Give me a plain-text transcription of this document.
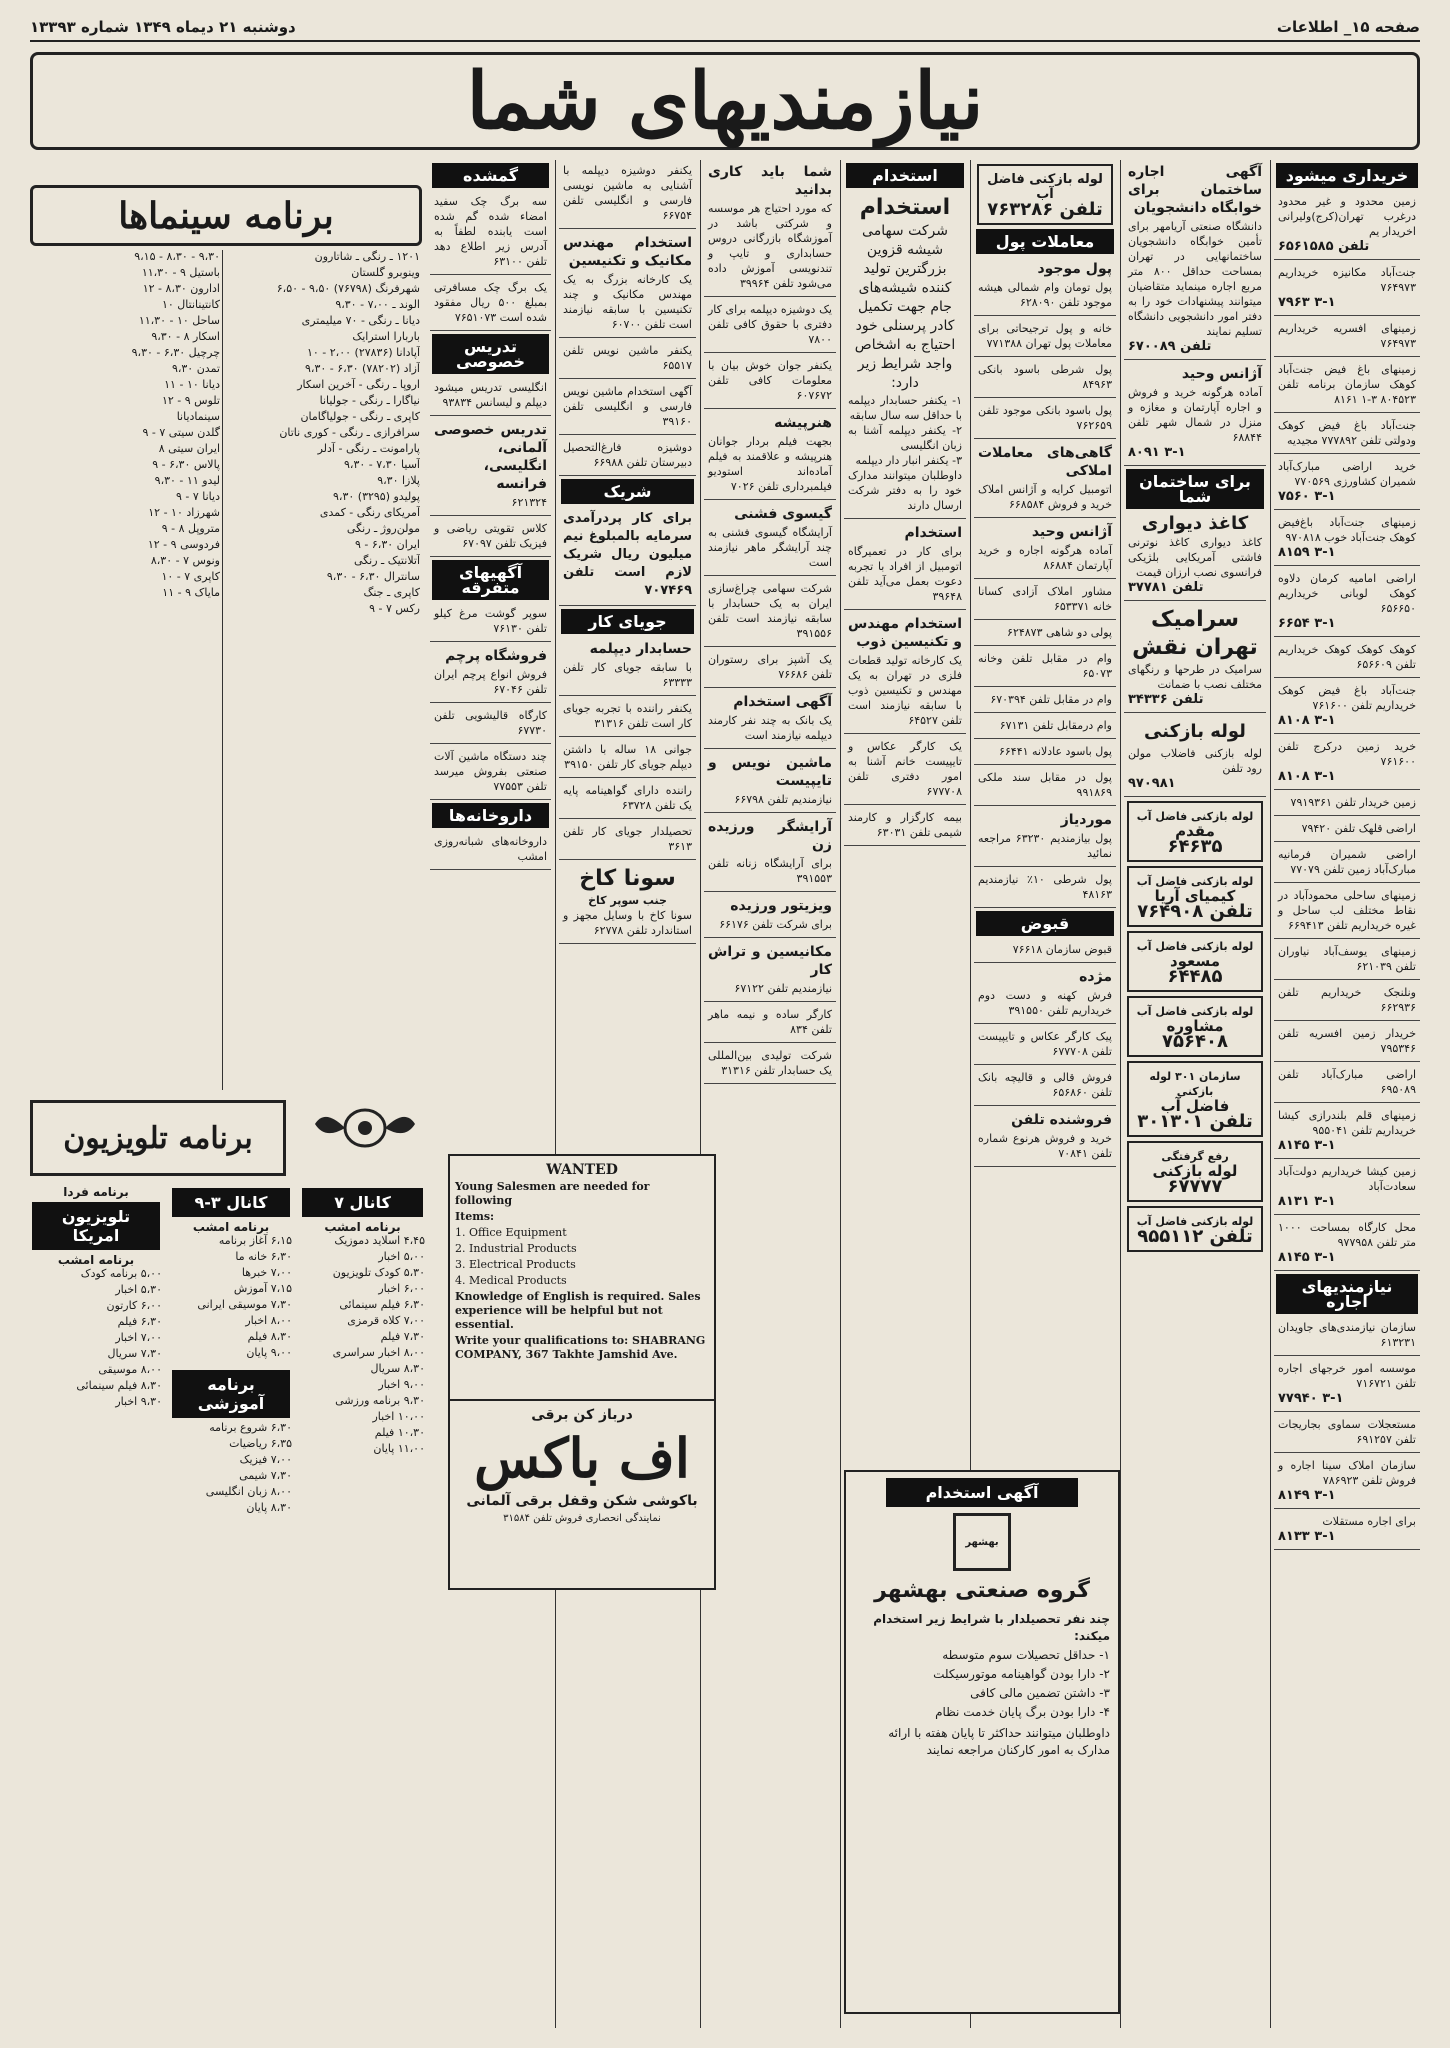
صفحه ۱۵_ اطلاعات
دوشنبه ۲۱ دیماه ۱۳۴۹ شماره ۱۳۳۹۳
نیازمندیهای شما
خریداری میشود

زمین محدود و غیر محدود درغرب تهران(کرج)ولیرانی اخریدار یم

تلفن ۶۵۶۱۵۸۵

جنت‌آباد مکانیزه خریداریم ۷۶۴۹۷۳

۳-۱ ۷۹۶۳

زمینهای افسریه خریداریم ۷۶۴۹۷۳

زمینهای باغ فیض جنت‌آباد کوهک سازمان برنامه تلفن ۸۰۴۵۲۳ ۳-۱ ۸۱۶۱

جنت‌آباد باغ فیض کوهک ودولتی تلفن ۷۷۷۸۹۲ مجیدیه

خرید اراضی مبارک‌آباد شمیران کشاورزی ۷۷۰۵۶۹

۳-۱ ۷۵۶۰

زمینهای جنت‌آباد باغ‌فیض کوهک جنت‌آباد خوب ۹۷۰۸۱۸

۳-۱ ۸۱۵۹

اراضی امامیه کرمان دلاوه کوهک لوبانی خریداریم ۶۵۶۶۵۰

۳-۱ ۶۶۵۴

کوهک کوهک کوهک خریداریم تلفن ۶۵۶۶۰۹

جنت‌آباد باغ فیض کوهک خریداریم تلفن ۷۶۱۶۰۰

۳-۱ ۸۱۰۸

خرید زمین درکرج تلفن ۷۶۱۶۰۰

۳-۱ ۸۱۰۸

زمین خریدار تلفن ۷۹۱۹۳۶۱

اراضی قلهک تلفن ۷۹۴۲۰

اراضی شمیران فرمانیه مبارک‌آباد زمین تلفن ۷۷۰۷۹

زمینهای ساحلی محمودآباد در نقاط مختلف لب ساحل و غیره خریداریم تلفن ۶۶۹۴۱۳

زمینهای یوسف‌آباد نیاوران تلفن ۶۲۱۰۳۹

ونلنجک خریداریم تلفن ۶۶۲۹۳۶

خریدار زمین افسریه تلفن ۷۹۵۳۴۶

اراضی مبارک‌آباد تلفن ۶۹۵۰۸۹

زمینهای قلم بلندرازی کیشا خریداریم تلفن ۹۵۵۰۴۱

۳-۱ ۸۱۴۵

زمین کیشا خریداریم دولت‌آباد سعادت‌آباد

۳-۱ ۸۱۳۱

محل کارگاه بمساحت ۱۰۰۰ متر تلفن ۹۷۷۹۵۸

۳-۱ ۸۱۴۵
نیازمندیهای اجاره

سازمان نیازمندی‌های جاویدان ۶۱۳۲۳۱

موسسه امور خرجهای اجاره تلفن ۷۱۶۷۲۱

۳-۱ ۷۷۹۴۰

مستعجلات سماوی بجاریجات تلفن ۶۹۱۲۵۷

سازمان املاک سینا اجاره و فروش تلفن ۷۸۶۹۲۳

۳-۱ ۸۱۴۹

برای اجاره مستقلات

۳-۱ ۸۱۳۳
آگهی اجاره ساختمان برای خوابگاه دانشجویان

دانشگاه صنعتی آریامهر برای تأمین خوابگاه دانشجویان ساختمانهایی در تهران بمساحت حداقل ۸۰۰ متر مربع اجاره مینماید متقاضیان میتوانند پیشنهادات خود را به دفتر امور دانشجویی دانشگاه تسلیم نمایند

تلفن ۶۷۰۰۸۹
آژانس وحید

آماده هرگونه خرید و فروش و اجاره آپارتمان و مغازه و منزل در شمال شهر تلفن ۶۸۸۴۴

۳-۱ ۸۰۹۱
برای ساختمان شما
کاغذ دیواری

کاغذ دیواری کاغذ نوترنی فاشتی آمریکایی بلژیکی فرانسوی نصب ارزان قیمت

تلفن ۳۷۷۸۱
سرامیک
تهران نقش

سرامیک در طرحها و رنگهای مختلف نصب با ضمانت

تلفن ۳۴۳۳۶
لوله بازکنی

لوله بازکنی فاضلاب مولن رود تلفن

۹۷۰۹۸۱
لوله بازکنی فاضل آب
مقدم
۶۴۶۳۵
لوله بازکنی فاضل آب
کیمیای آریا
تلفن ۷۶۴۹۰۸
لوله بازکنی فاضل آب
مسعود
۶۴۴۸۵
لوله بازکنی فاضل آب
مشاوره
۷۵۶۴۰۸
سازمان ۳۰۱ لوله بازکنی
فاضل آب
تلفن ۳۰۱۳۰۱
رفع گرفتگی
لوله بازکنی
۶۷۷۷۷
لوله بازکنی فاضل آب
تلفن ۹۵۵۱۱۲
لوله بازکنی فاضل آب
تلفن ۷۶۳۲۸۶
معاملات پول
پول موجود

پول تومان وام شمالی هیشه موجود تلفن ۶۲۸۰۹۰

خانه و پول ترجیحاتی برای معاملات پول تهران ۷۷۱۳۸۸

پول شرطی باسود بانکی ۸۴۹۶۳

پول باسود بانکی موجود تلفن ۷۶۲۶۵۹

گاهی‌های معاملات املاکی

اتومبیل کرایه و آژانس املاک خرید و فروش ۶۶۸۵۸۴

آژانس وحید

آماده هرگونه اجاره و خرید آپارتمان ۸۶۸۸۴

مشاور املاک آزادی کسانا خانه ۶۵۳۳۷۱

پولی دو شاهی ۶۲۴۸۷۳

وام در مقابل تلفن وخانه ۶۵۰۷۳

وام در مقابل تلفن ۶۷۰۳۹۴

وام درمقابل تلفن ۶۷۱۳۱

پول باسود عادلانه ۶۶۴۴۱

پول در مقابل سند ملکی ۹۹۱۸۶۹

موردیاز

پول بیازمندیم ۶۳۲۳۰ مراجعه نمائید

پول شرطی ۱۰٪ نیازمندیم ۴۸۱۶۳

قبوض

قبوض سازمان ۷۶۶۱۸

مژده

فرش کهنه و دست دوم خریداریم تلفن ۳۹۱۵۵۰

پیک کارگر عکاس و تایپیست تلفن ۶۷۷۷۰۸

فروش قالی و قالیچه بانک تلفن ۶۵۶۸۶۰

فروشنده تلفن

خرید و فروش هرنوع شماره تلفن ۷۰۸۴۱

استخدام
استخدام

شرکت سهامی شیشه قزوین بزرگترین تولید کننده شیشه‌های جام جهت تکمیل کادر پرسنلی خود احتیاج به اشخاص واجد شرایط زیر دارد:

۱- یکنفر حسابدار دیپلمه با حداقل سه سال سابقه

۲- یکنفر دیپلمه آشنا به زبان انگلیسی

۳- یکنفر انبار دار دیپلمه

داوطلبان میتوانند مدارک خود را به دفتر شرکت ارسال دارند

استخدام

برای کار در تعمیرگاه اتومبیل از افراد با تجربه دعوت بعمل می‌آید تلفن ۳۹۶۴۸

استخدام مهندس و تکنیسین ذوب

یک کارخانه تولید قطعات فلزی در تهران به یک مهندس و تکنیسین ذوب با سابقه نیازمند است تلفن ۶۴۵۲۷

یک کارگر عکاس و تایپیست خانم آشنا به امور دفتری تلفن ۶۷۷۷۰۸

بیمه کارگزار و کارمند شیمی تلفن ۶۳۰۳۱

آگهی استخدام
بهشهر
گروه صنعتی بهشهر

چند نفر تحصیلدار با شرایط زیر استخدام میکند:

۱- حداقل تحصیلات سوم متوسطه

۲- دارا بودن گواهینامه موتورسیکلت

۳- داشتن تضمین مالی کافی

۴- دارا بودن برگ پایان خدمت نظام

داوطلبان میتوانند حداکثر تا پایان هفته با ارائه مدارک به امور کارکنان مراجعه نمایند

شما باید کاری بدانید

که مورد احتیاج هر موسسه و شرکتی باشد در آموزشگاه بازرگانی دروس حسابداری و تایپ و تندنویسی آموزش داده می‌شود تلفن ۳۹۹۶۴

یک دوشیزه دیپلمه برای کار دفتری با حقوق کافی تلفن ۷۸۰۰

یکنفر جوان خوش بیان با معلومات کافی تلفن ۶۰۷۶۷۲

هنرپیشه

بجهت فیلم بردار جوانان هنرپیشه و علاقمند به فیلم آماده‌اند استودیو فیلمبرداری تلفن ۷۰۲۶

گیسوی فشنی

آرایشگاه گیسوی فشنی به چند آرایشگر ماهر نیازمند است

شرکت سهامی چراغ‌سازی ایران به یک حسابدار با سابقه نیازمند است تلفن ۳۹۱۵۵۶

یک آشپز برای رستوران تلفن ۷۶۶۸۶

آگهی استخدام

یک بانک به چند نفر کارمند دیپلمه نیازمند است

ماشین نویس و تایپیست

نیازمندیم تلفن ۶۶۷۹۸

آرایشگر ورزیده زن

برای آرایشگاه زنانه تلفن ۳۹۱۵۵۳

ویزیتور ورزیده

برای شرکت تلفن ۶۶۱۷۶

مکانیسین و تراش کار

نیازمندیم تلفن ۶۷۱۲۲

کارگر ساده و نیمه ماهر تلفن ۸۳۴

شرکت تولیدی بین‌المللی یک حسابدار تلفن ۳۱۳۱۶

یکنفر دوشیزه دیپلمه با آشنایی به ماشین نویسی فارسی و انگلیسی تلفن ۶۶۷۵۴

استخدام مهندس مکانیک و تکنیسین

یک کارخانه بزرگ به یک مهندس مکانیک و چند تکنیسین با سابقه نیازمند است تلفن ۶۰۷۰۰

یکنفر ماشین نویس تلفن ۶۵۵۱۷

آگهی استخدام ماشین نویس فارسی و انگلیسی تلفن ۳۹۱۶۰

دوشیزه فارغ‌التحصیل دبیرستان تلفن ۶۶۹۸۸

شریک

برای کار پردرآمدی سرمایه بالمبلوغ نیم میلیون ریال شریک لازم است تلفن ۷۰۷۴۶۹

جویای کار
حسابدار دیپلمه

با سابقه جویای کار تلفن ۶۳۳۳۳

یکنفر راننده با تجربه جویای کار است تلفن ۳۱۳۱۶

جوانی ۱۸ ساله با داشتن دیپلم جویای کار تلفن ۳۹۱۵۰

راننده دارای گواهینامه پایه یک تلفن ۶۳۷۲۸

تحصیلدار جویای کار تلفن ۳۶۱۳

سونا کاخ
جنب سوپر کاخ

سونا کاخ با وسایل مجهز و استاندارد تلفن ۶۲۷۷۸

گمشده

سه برگ چک سفید امضاء شده گم شده است یابنده لطفاً به آدرس زیر اطلاع دهد تلفن ۶۳۱۰۰

یک برگ چک مسافرتی بمبلغ ۵۰۰ ریال مفقود شده است ۷۶۵۱۰۷۳

تدریس خصوصی

انگلیسی تدریس میشود دیپلم و لیسانس ۹۳۸۳۴

تدریس خصوصی آلمانی، انگلیسی، فرانسه

۶۲۱۳۲۴

کلاس تقویتی ریاضی و فیزیک تلفن ۶۷۰۹۷

آگهیهای متفرقه

سوپر گوشت مرغ کیلو تلفن ۷۶۱۳۰

فروشگاه پرچم

فروش انواع پرچم ایران تلفن ۶۷۰۴۶

کارگاه قالیشویی تلفن ۶۷۷۳۰

چند دستگاه ماشین آلات صنعتی بفروش میرسد تلفن ۷۷۵۵۳

داروخانه‌ها

داروخانه‌های شبانه‌روزی امشب

WANTED

Young Salesmen are needed for following

Items:

1. Office Equipment

2. Industrial Products

3. Electrical Products

4. Medical Products

Knowledge of English is required. Sales experience will be helpful but not essential.

Write your qualifications to: SHABRANG COMPANY, 367 Takhte Jamshid Ave.

درباز کن برقی
اف باکس
باکوشی شکن وقفل برقی آلمانی
نمایندگی انحصاری فروش تلفن ۳۱۵۸۴
برنامه سینماها

۹،۳۰ - ۸،۳۰ - ۹،۱۵

باستیل ۹ - ۱۱،۳۰

ادارون ۸،۳۰ - ۱۲

کانتینانتال ۱۰

ساحل ۱۰ - ۱۱،۳۰

اسکار ۸ - ۹،۳۰

چرچیل ۶،۳۰ - ۹،۳۰

تمدن ۹،۳۰

دیانا ۱۰ - ۱۱

تلوس ۹ - ۱۲

سینمادیانا

گلدن سیتی ۷ - ۹

ایران سیتی ۸

پالاس ۶،۳۰ - ۹

لیدو ۱۱ - ۹،۳۰

دیانا ۷ - ۹

شهرزاد ۱۰ - ۱۲

متروپل ۸ - ۹

فردوسی ۹ - ۱۲

ونوس ۷ - ۸،۳۰

کاپری ۷ - ۱۰

مایاک ۹ - ۱۱

۱۲۰۱ ـ رنگی ـ شاتارون

وینوبرو گلستان

شهرفرنگ (۷۶۷۹۸) ۹،۵۰ - ۶،۵۰

الوند ـ ۷،۰۰ - ۹،۳۰

دیانا ـ رنگی - ۷۰ میلیمتری

باربارا استرایک

آپادانا (۲۷۸۳۶) ۲،۰۰ - ۱۰

آزاد (۷۸۲۰۲) ۶،۳۰ - ۹،۳۰

اروپا ـ رنگی - آخرین اسکار

نیاگارا ـ رنگی - جولیانا

کاپری ـ رنگی - جولیاگامان

سرافرازی ـ رنگی - کوری ناتان

پارامونت ـ رنگی - آدلر

آسیا ۷،۳۰ - ۹،۳۰

پلازا ۹،۳۰

پولیدو (۳۲۹۵) ۹،۳۰

آمریکای رنگی - کمدی

مولن‌روژ ـ رنگی

ایران ۶،۳۰ - ۹

آتلانتیک ـ رنگی

سانترال ۶،۳۰ - ۹،۳۰

کاپری ـ جنگ

رکس ۷ - ۹

برنامه تلویزیون
کانال ۷
برنامه امشب

۴،۴۵ اسلاید دموزیک

۵،۰۰ اخبار

۵،۳۰ کودک تلویزیون

۶،۰۰ اخبار

۶،۳۰ فیلم سینمائی

۷،۰۰ کلاه قرمزی

۷،۳۰ فیلم

۸،۰۰ اخبار سراسری

۸،۳۰ سریال

۹،۰۰ اخبار

۹،۳۰ برنامه ورزشی

۱۰،۰۰ اخبار

۱۰،۳۰ فیلم

۱۱،۰۰ پایان

کانال ۳-۹
برنامه امشب

۶،۱۵ آغاز برنامه

۶،۳۰ خانه ما

۷،۰۰ خبرها

۷،۱۵ آموزش

۷،۳۰ موسیقی ایرانی

۸،۰۰ اخبار

۸،۳۰ فیلم

۹،۰۰ پایان

برنامه آموزشی

۶،۳۰ شروع برنامه

۶،۳۵ ریاضیات

۷،۰۰ فیزیک

۷،۳۰ شیمی

۸،۰۰ زبان انگلیسی

۸،۳۰ پایان

برنامه فردا
تلویزیون امریکا
برنامه امشب

۵،۰۰ برنامه کودک

۵،۳۰ اخبار

۶،۰۰ کارتون

۶،۳۰ فیلم

۷،۰۰ اخبار

۷،۳۰ سریال

۸،۰۰ موسیقی

۸،۳۰ فیلم سینمائی

۹،۳۰ اخبار
